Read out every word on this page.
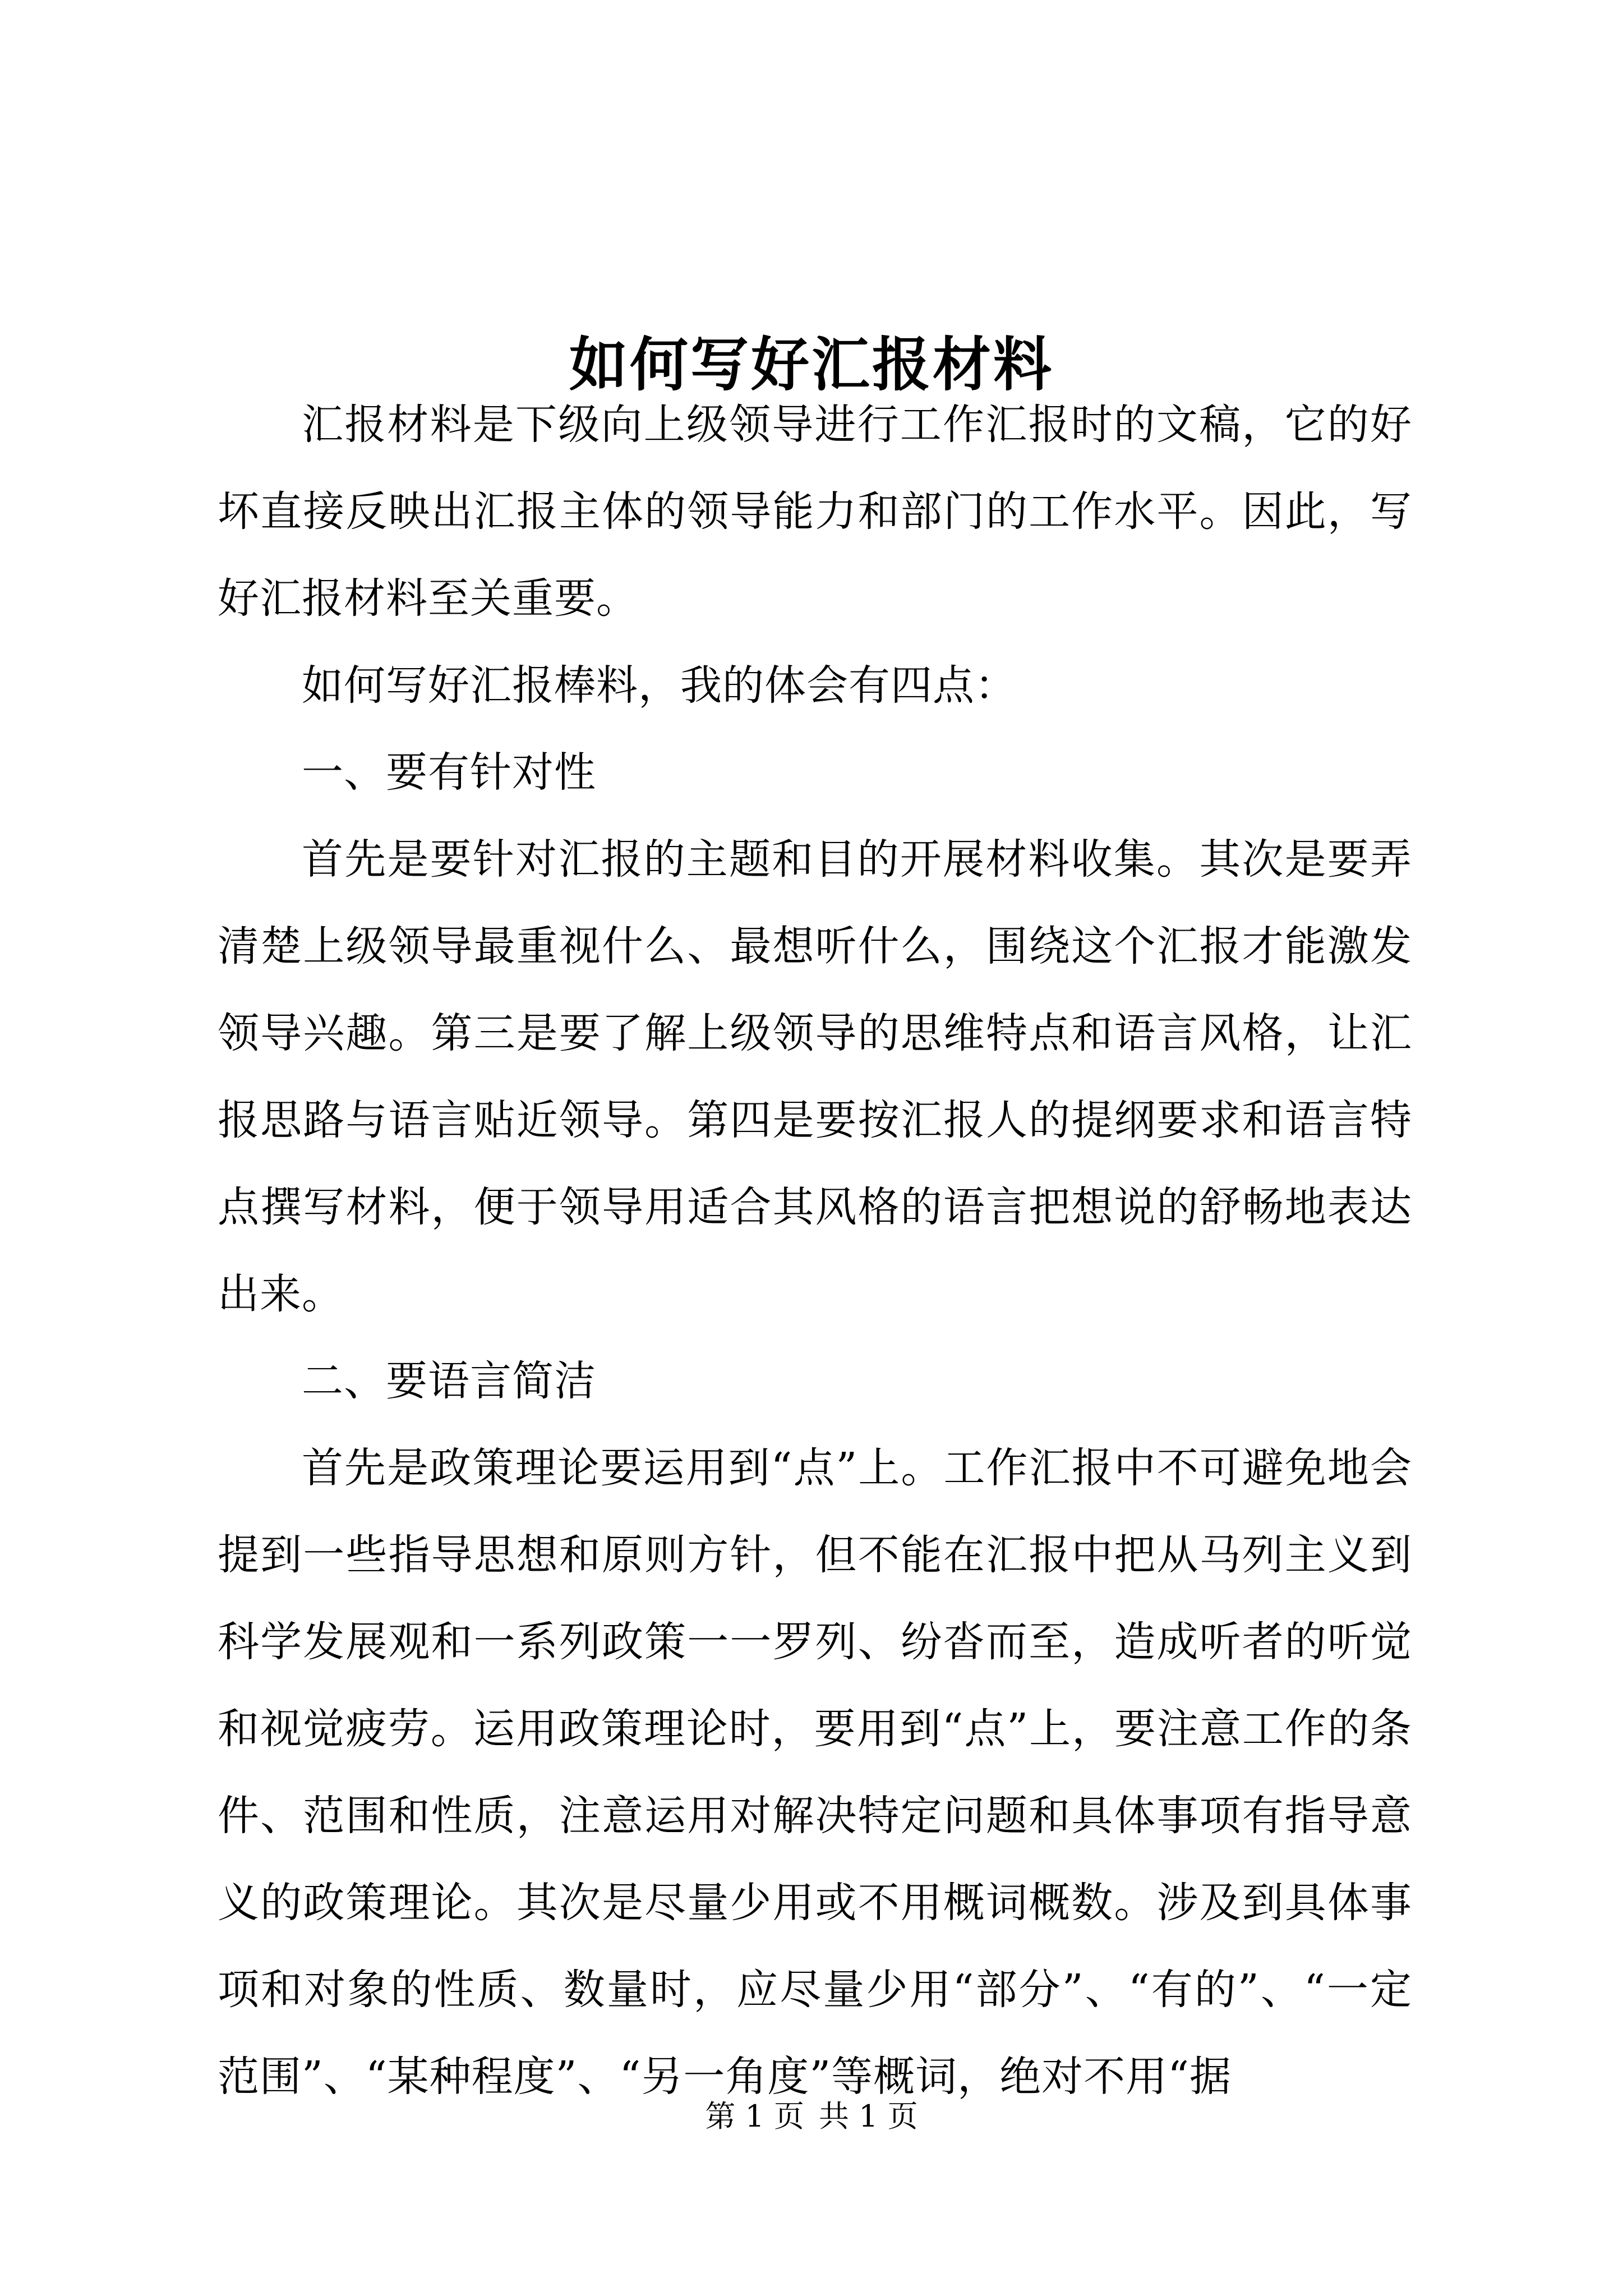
如何写好汇报材料

汇报材料是下级向上级领导进行工作汇报时的文稿，它的好坏直接反映出汇报主体的领导能力和部门的工作水平。因此，写好汇报材料至关重要。

如何写好汇报棒料，我的体会有四点：

一、要有针对性

首先是要针对汇报的主题和目的开展材料收集。其次是要弄清楚上级领导最重视什么、最想听什么，围绕这个汇报才能激发领导兴趣。第三是要了解上级领导的思维特点和语言风格，让汇报思路与语言贴近领导。第四是要按汇报人的提纲要求和语言特点撰写材料，便于领导用适合其风格的语言把想说的舒畅地表达出来。

二、要语言简洁

首先是政策理论要运用到“点”上。工作汇报中不可避免地会提到一些指导思想和原则方针，但不能在汇报中把从马列主义到科学发展观和一系列政策一一罗列、纷沓而至，造成听者的听觉和视觉疲劳。运用政策理论时，要用到“点”上，要注意工作的条件、范围和性质，注意运用对解决特定问题和具体事项有指导意义的政策理论。其次是尽量少用或不用概词概数。涉及到具体事项和对象的性质、数量时，应尽量少用“部分”、“有的”、“一定范围”、“某种程度”、“另一角度”等概词，绝对不用“据

第 1 页 共 1 页
